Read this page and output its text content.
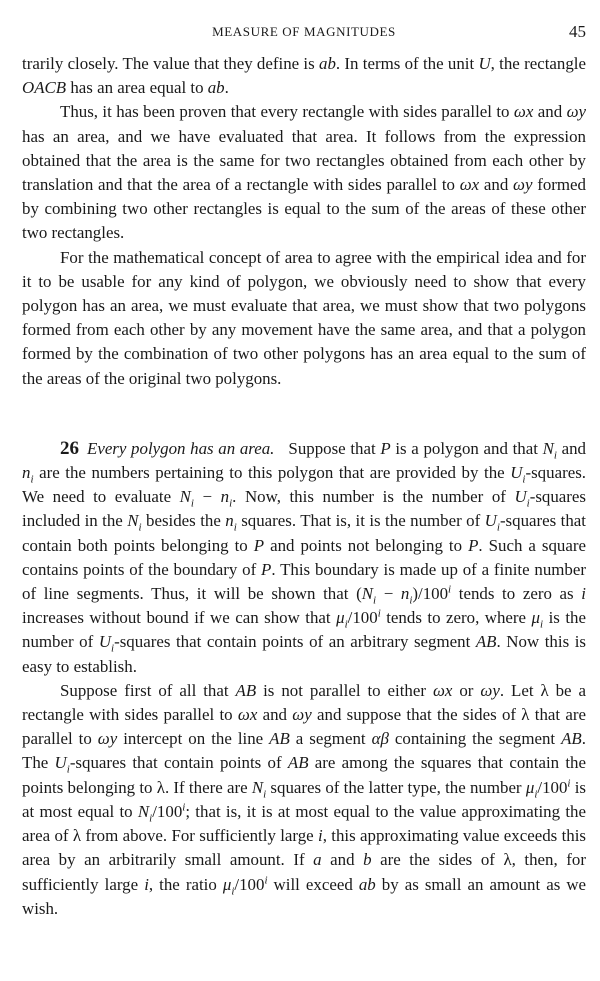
MEASURE OF MAGNITUDES	45

trarily closely. The value that they define is ab. In terms of the unit U, the rectangle OACB has an area equal to ab.

Thus, it has been proven that every rectangle with sides parallel to ωx and ωy has an area, and we have evaluated that area. It follows from the expression obtained that the area is the same for two rectangles obtained from each other by translation and that the area of a rectangle with sides parallel to ωx and ωy formed by combining two other rectangles is equal to the sum of the areas of these other two rectangles.

For the mathematical concept of area to agree with the empirical idea and for it to be usable for any kind of polygon, we obviously need to show that every polygon has an area, we must evaluate that area, we must show that two polygons formed from each other by any movement have the same area, and that a polygon formed by the combination of two other polygons has an area equal to the sum of the areas of the original two polygons.

26 Every polygon has an area. Suppose that P is a polygon and that $N_i$ and $n_i$ are the numbers pertaining to this polygon that are provided by the $U_i$-squares. We need to evaluate $N_i - n_i$. Now, this number is the number of $U_i$-squares included in the $N_i$ besides the $n_i$ squares. That is, it is the number of $U_i$-squares that contain both points belonging to P and points not belonging to P. Such a square contains points of the boundary of P. This boundary is made up of a finite number of line segments. Thus, it will be shown that $(N_i - n_i)/100^i$ tends to zero as i increases without bound if we can show that $\mu_i/100^i$ tends to zero, where $\mu_i$ is the number of $U_i$-squares that contain points of an arbitrary segment AB. Now this is easy to establish.

Suppose first of all that AB is not parallel to either ωx or ωy. Let λ be a rectangle with sides parallel to ωx and ωy and suppose that the sides of λ that are parallel to ωy intercept on the line AB a segment αβ containing the segment AB. The $U_i$-squares that contain points of AB are among the squares that contain the points belonging to λ. If there are $N_i$ squares of the latter type, the number $\mu_i/100^i$ is at most equal to $N_i/100^i$; that is, it is at most equal to the value approximating the area of λ from above. For sufficiently large i, this approximating value exceeds this area by an arbitrarily small amount. If a and b are the sides of λ, then, for sufficiently large i, the ratio $\mu_i/100^i$ will exceed ab by as small an amount as we wish.
